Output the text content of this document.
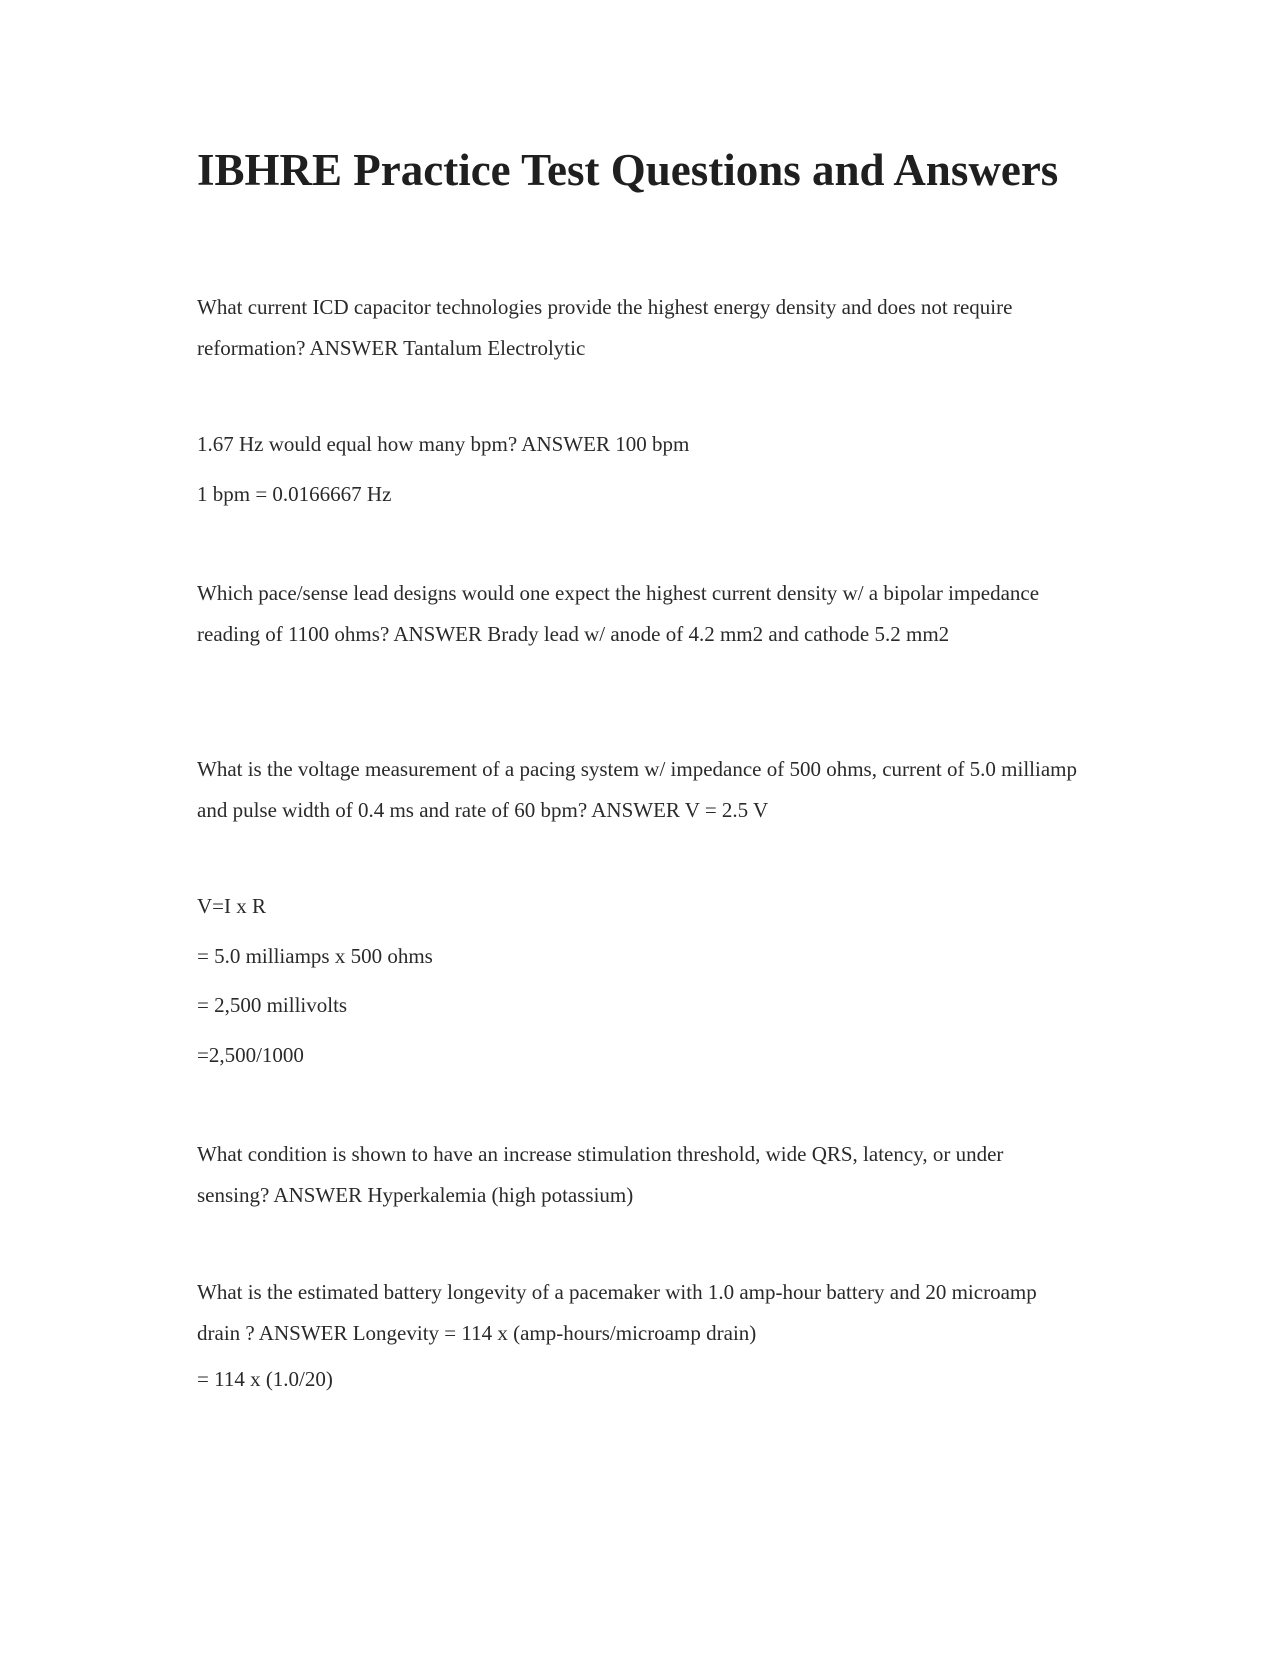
IBHRE Practice Test Questions and Answers

What current ICD capacitor technologies provide the highest energy density and does not require reformation? ANSWER Tantalum Electrolytic

1.67 Hz would equal how many bpm? ANSWER 100 bpm

1 bpm = 0.0166667 Hz

Which pace/sense lead designs would one expect the highest current density w/ a bipolar impedance reading of 1100 ohms? ANSWER Brady lead w/ anode of 4.2 mm2 and cathode 5.2 mm2

What is the voltage measurement of a pacing system w/ impedance of 500 ohms, current of 5.0 milliamp and pulse width of 0.4 ms and rate of 60 bpm? ANSWER V = 2.5 V

V=I x R

= 5.0 milliamps x 500 ohms

= 2,500 millivolts

=2,500/1000

What condition is shown to have an increase stimulation threshold, wide QRS, latency, or under sensing? ANSWER Hyperkalemia (high potassium)

What is the estimated battery longevity of a pacemaker with 1.0 amp-hour battery and 20 microamp drain ? ANSWER Longevity = 114 x (amp-hours/microamp drain)

= 114 x (1.0/20)
